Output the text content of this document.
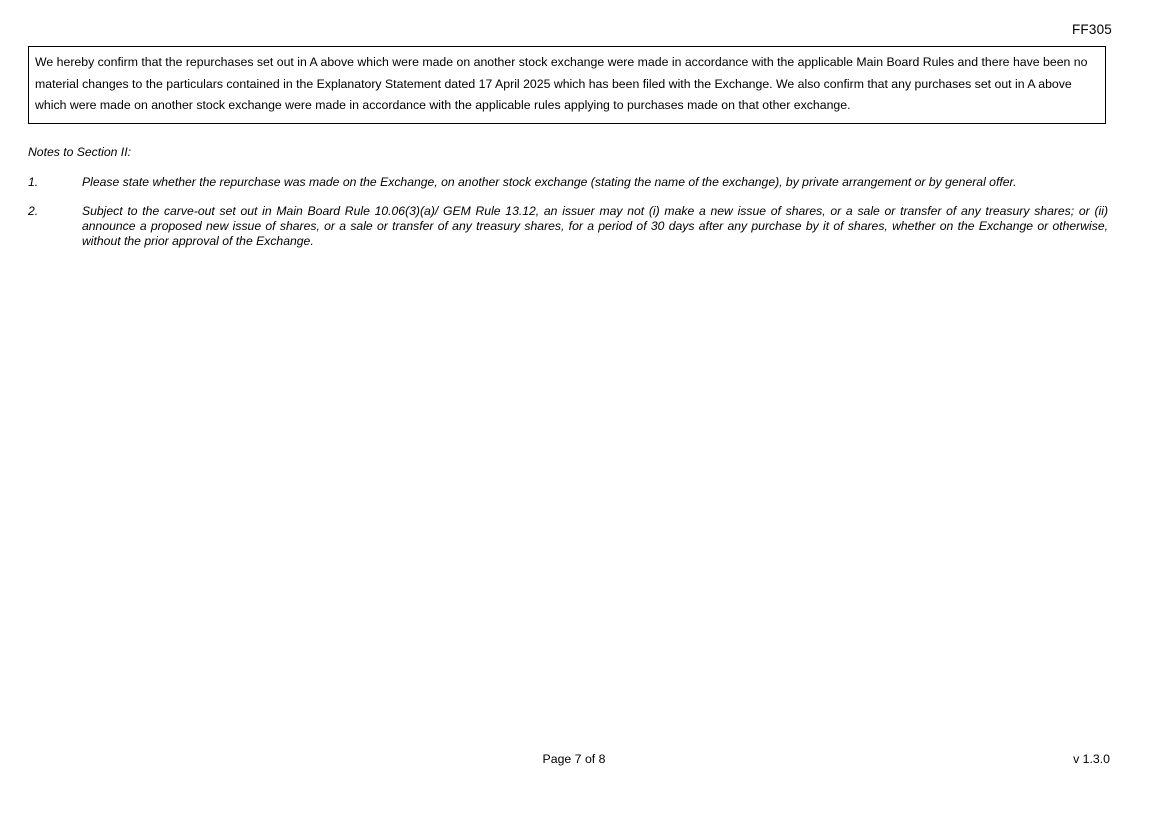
FF305

We hereby confirm that the repurchases set out in A above which were made on another stock exchange were made in accordance with the applicable Main Board Rules and there have been no material changes to the particulars contained in the Explanatory Statement dated 17 April 2025 which has been filed with the Exchange. We also confirm that any purchases set out in A above which were made on another stock exchange were made in accordance with the applicable rules applying to purchases made on that other exchange.

Notes to Section II:
1.	Please state whether the repurchase was made on the Exchange, on another stock exchange (stating the name of the exchange), by private arrangement or by general offer.
2.	Subject to the carve-out set out in Main Board Rule 10.06(3)(a)/ GEM Rule 13.12, an issuer may not (i) make a new issue of shares, or a sale or transfer of any treasury shares; or (ii) announce a proposed new issue of shares, or a sale or transfer of any treasury shares, for a period of 30 days after any purchase by it of shares, whether on the Exchange or otherwise, without the prior approval of the Exchange.
Page 7 of 8	v 1.3.0
